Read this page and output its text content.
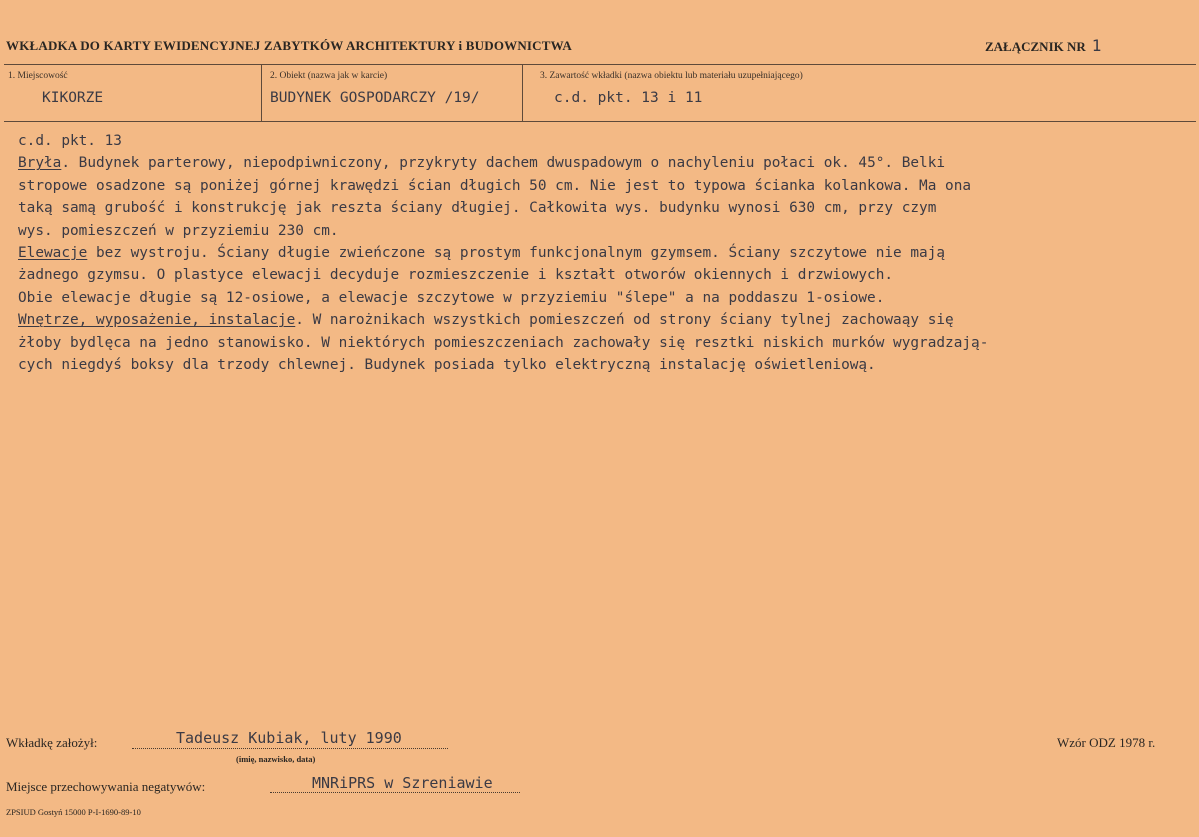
WKŁADKA DO KARTY EWIDENCYJNEJ ZABYTKÓW ARCHITEKTURY i BUDOWNICTWA	ZAŁĄCZNIK NR 1
1. Miejscowość
KIKORZE
2. Obiekt (nazwa jak w karcie)
BUDYNEK GOSPODARCZY /19/
3. Zawartość wkładki (nazwa obiektu lub materiału uzupełniającego)
c.d. pkt. 13 i 11

c.d. pkt. 13

Bryła. Budynek parterowy, niepodpiwniczony, przykryty dachem dwuspadowym o nachyleniu połaci ok. 45°. Belki

stropowe osadzone są poniżej górnej krawędzi ścian długich 50 cm. Nie jest to typowa ścianka kolankowa. Ma ona

taką samą grubość i konstrukcję jak reszta ściany długiej. Całkowita wys. budynku wynosi 630 cm, przy czym

wys. pomieszczeń w przyziemiu 230 cm.

Elewacje bez wystroju. Ściany długie zwieńczone są prostym funkcjonalnym gzymsem. Ściany szczytowe nie mają

żadnego gzymsu. O plastyce elewacji decyduje rozmieszczenie i kształt otworów okiennych i drzwiowych.

Obie elewacje długie są 12-osiowe, a elewacje szczytowe w przyziemiu "ślepe" a na poddaszu 1-osiowe.

Wnętrze, wyposażenie, instalacje. W narożnikach wszystkich pomieszczeń od strony ściany tylnej zachowaąy się

żłoby bydlęca na jedno stanowisko. W niektórych pomieszczeniach zachowały się resztki niskich murków wygradzają-

cych niegdyś boksy dla trzody chlewnej. Budynek posiada tylko elektryczną instalację oświetleniową.

Wkładkę założył:	Tadeusz Kubiak, luty 1990
(imię, nazwisko, data)
Wzór ODZ 1978 r.
Miejsce przechowywania negatywów:	MNRiPRS w Szreniawie
ZPSIUD Gostyń 15000 P-I-1690-89-10
